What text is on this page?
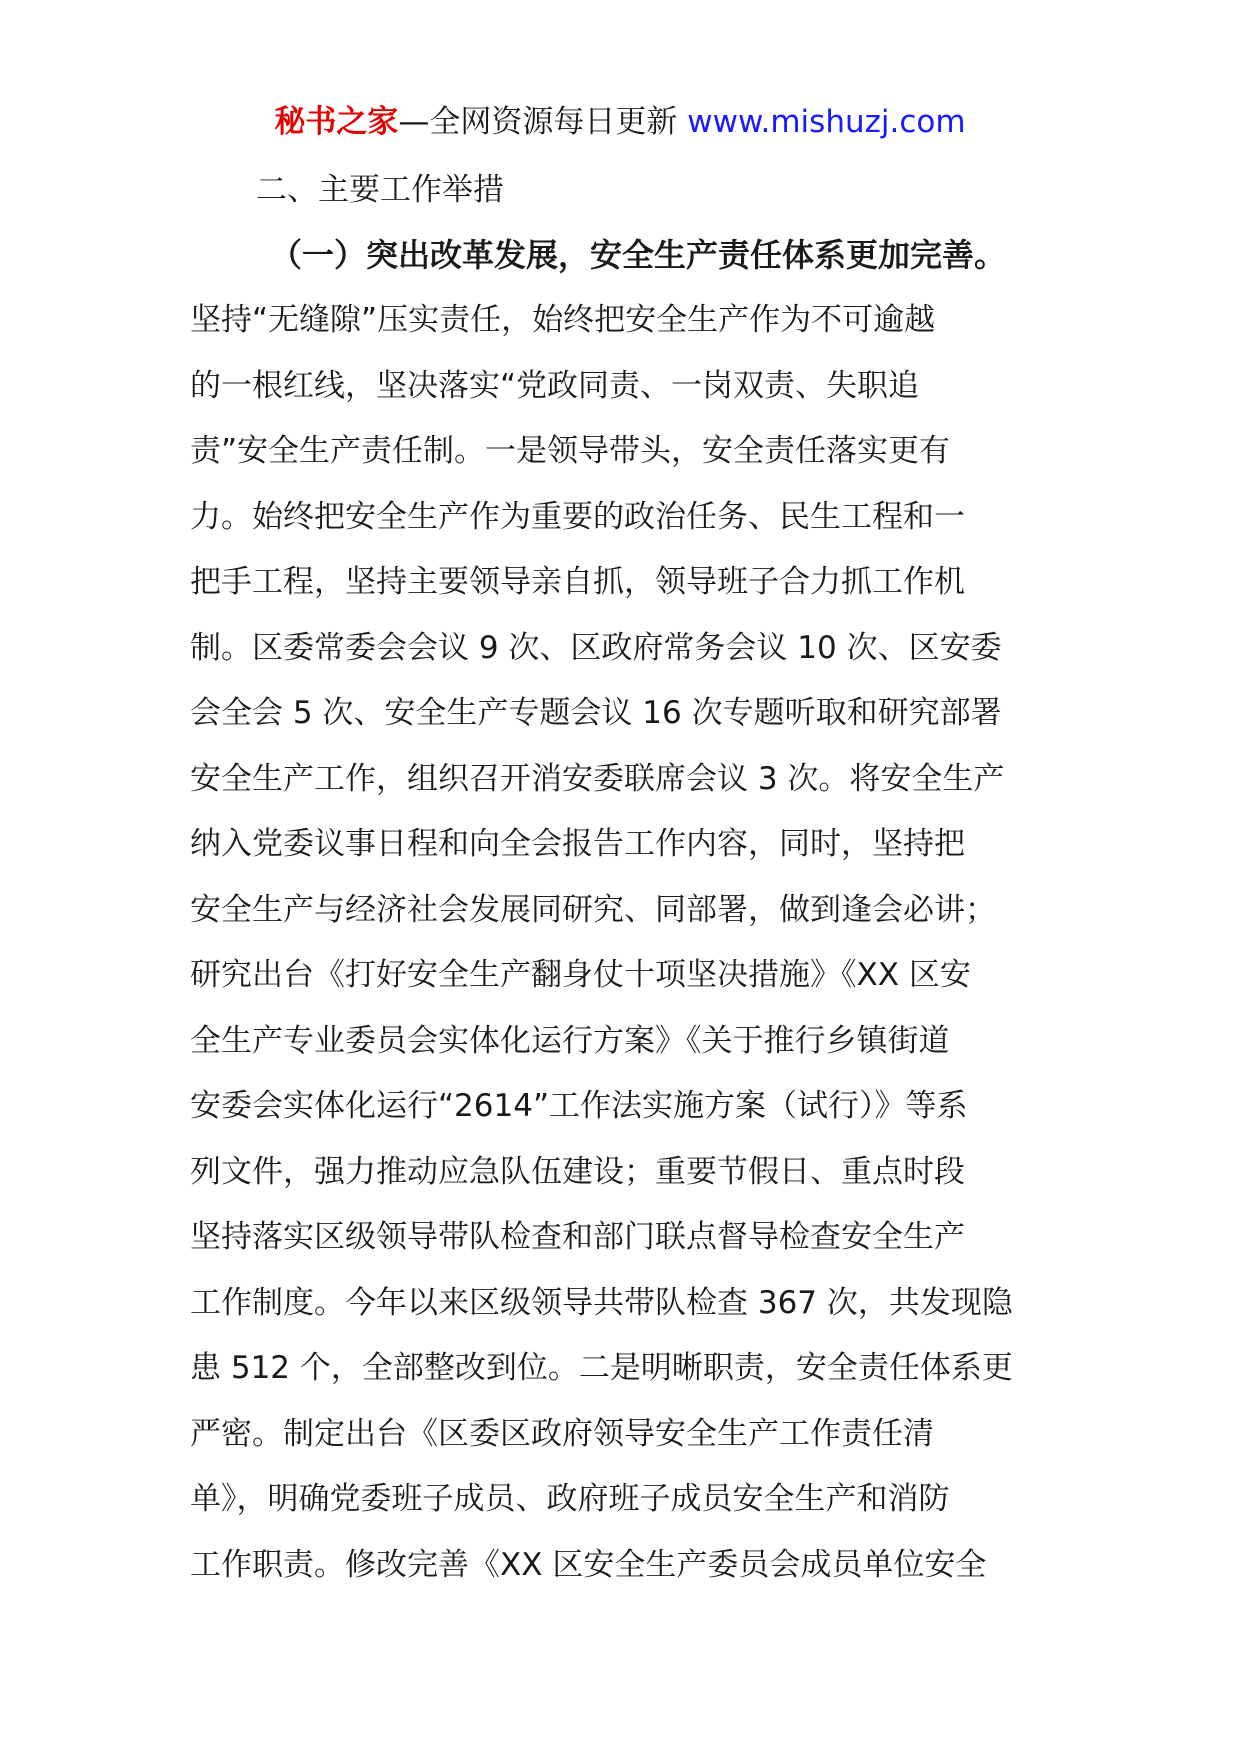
秘书之家—全网资源每日更新 www.mishuzj.com
二、主要工作举措
（一）突出改革发展，安全生产责任体系更加完善。
坚持“无缝隙”压实责任，始终把安全生产作为不可逾越
的一根红线，坚决落实“党政同责、一岗双责、失职追
责”安全生产责任制。一是领导带头，安全责任落实更有
力。始终把安全生产作为重要的政治任务、民生工程和一
把手工程，坚持主要领导亲自抓，领导班子合力抓工作机
制。区委常委会会议 9 次、区政府常务会议 10 次、区安委
会全会 5 次、安全生产专题会议 16 次专题听取和研究部署
安全生产工作，组织召开消安委联席会议 3 次。将安全生产
纳入党委议事日程和向全会报告工作内容，同时，坚持把
安全生产与经济社会发展同研究、同部署，做到逢会必讲；
研究出台《打好安全生产翻身仗十项坚决措施》《XX 区安
全生产专业委员会实体化运行方案》《关于推行乡镇街道
安委会实体化运行“2614”工作法实施方案（试行）》等系
列文件，强力推动应急队伍建设；重要节假日、重点时段
坚持落实区级领导带队检查和部门联点督导检查安全生产
工作制度。今年以来区级领导共带队检查 367 次，共发现隐
患 512 个，全部整改到位。二是明晰职责，安全责任体系更
严密。制定出台《区委区政府领导安全生产工作责任清
单》，明确党委班子成员、政府班子成员安全生产和消防
工作职责。修改完善《XX 区安全生产委员会成员单位安全
